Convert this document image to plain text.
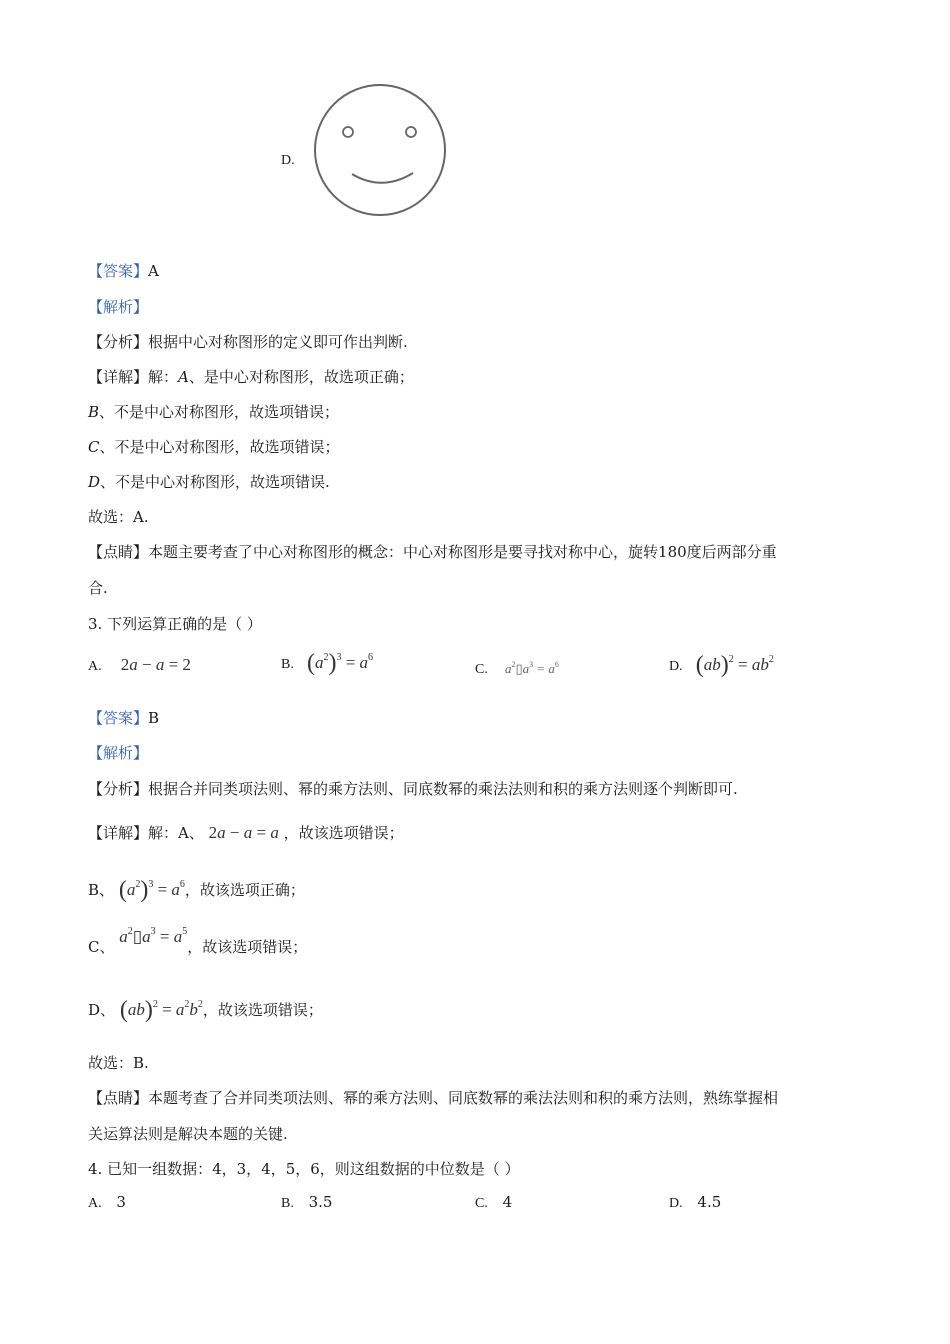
D.
【答案】A
【解析】
【分析】根据中心对称图形的定义即可作出判断.
【详解】解：A、是中心对称图形，故选项正确；
B、不是中心对称图形，故选项错误；
C、不是中心对称图形，故选项错误；
D、不是中心对称图形，故选项错误.
故选：A.
【点睛】本题主要考查了中心对称图形的概念：中心对称图形是要寻找对称中心，旋转180度后两部分重
合.
3. 下列运算正确的是（ ）
A. 2a − a = 2	B. $(a^2)^3 = a^6$
C. $a^2▯a^3 = a^6$	D. $(ab)^2 = ab^2$
【答案】B
【解析】
【分析】根据合并同类项法则、幂的乘方法则、同底数幂的乘法法则和积的乘方法则逐个判断即可.
【详解】解：A、 2a − a = a ，故该选项错误；
B、 $(a^2)^3 = a^6$，故该选项正确；
C、 $a^2▯a^3 = a^5$，故该选项错误；
D、 $(ab)^2 = a^2b^2$，故该选项错误；
故选：B.
【点睛】本题考查了合并同类项法则、幂的乘方法则、同底数幂的乘法法则和积的乘方法则，熟练掌握相
关运算法则是解决本题的关键.
4. 已知一组数据：4，3，4，5，6，则这组数据的中位数是（ ）
A. 3	B. 3.5	C. 4	D. 4.5
